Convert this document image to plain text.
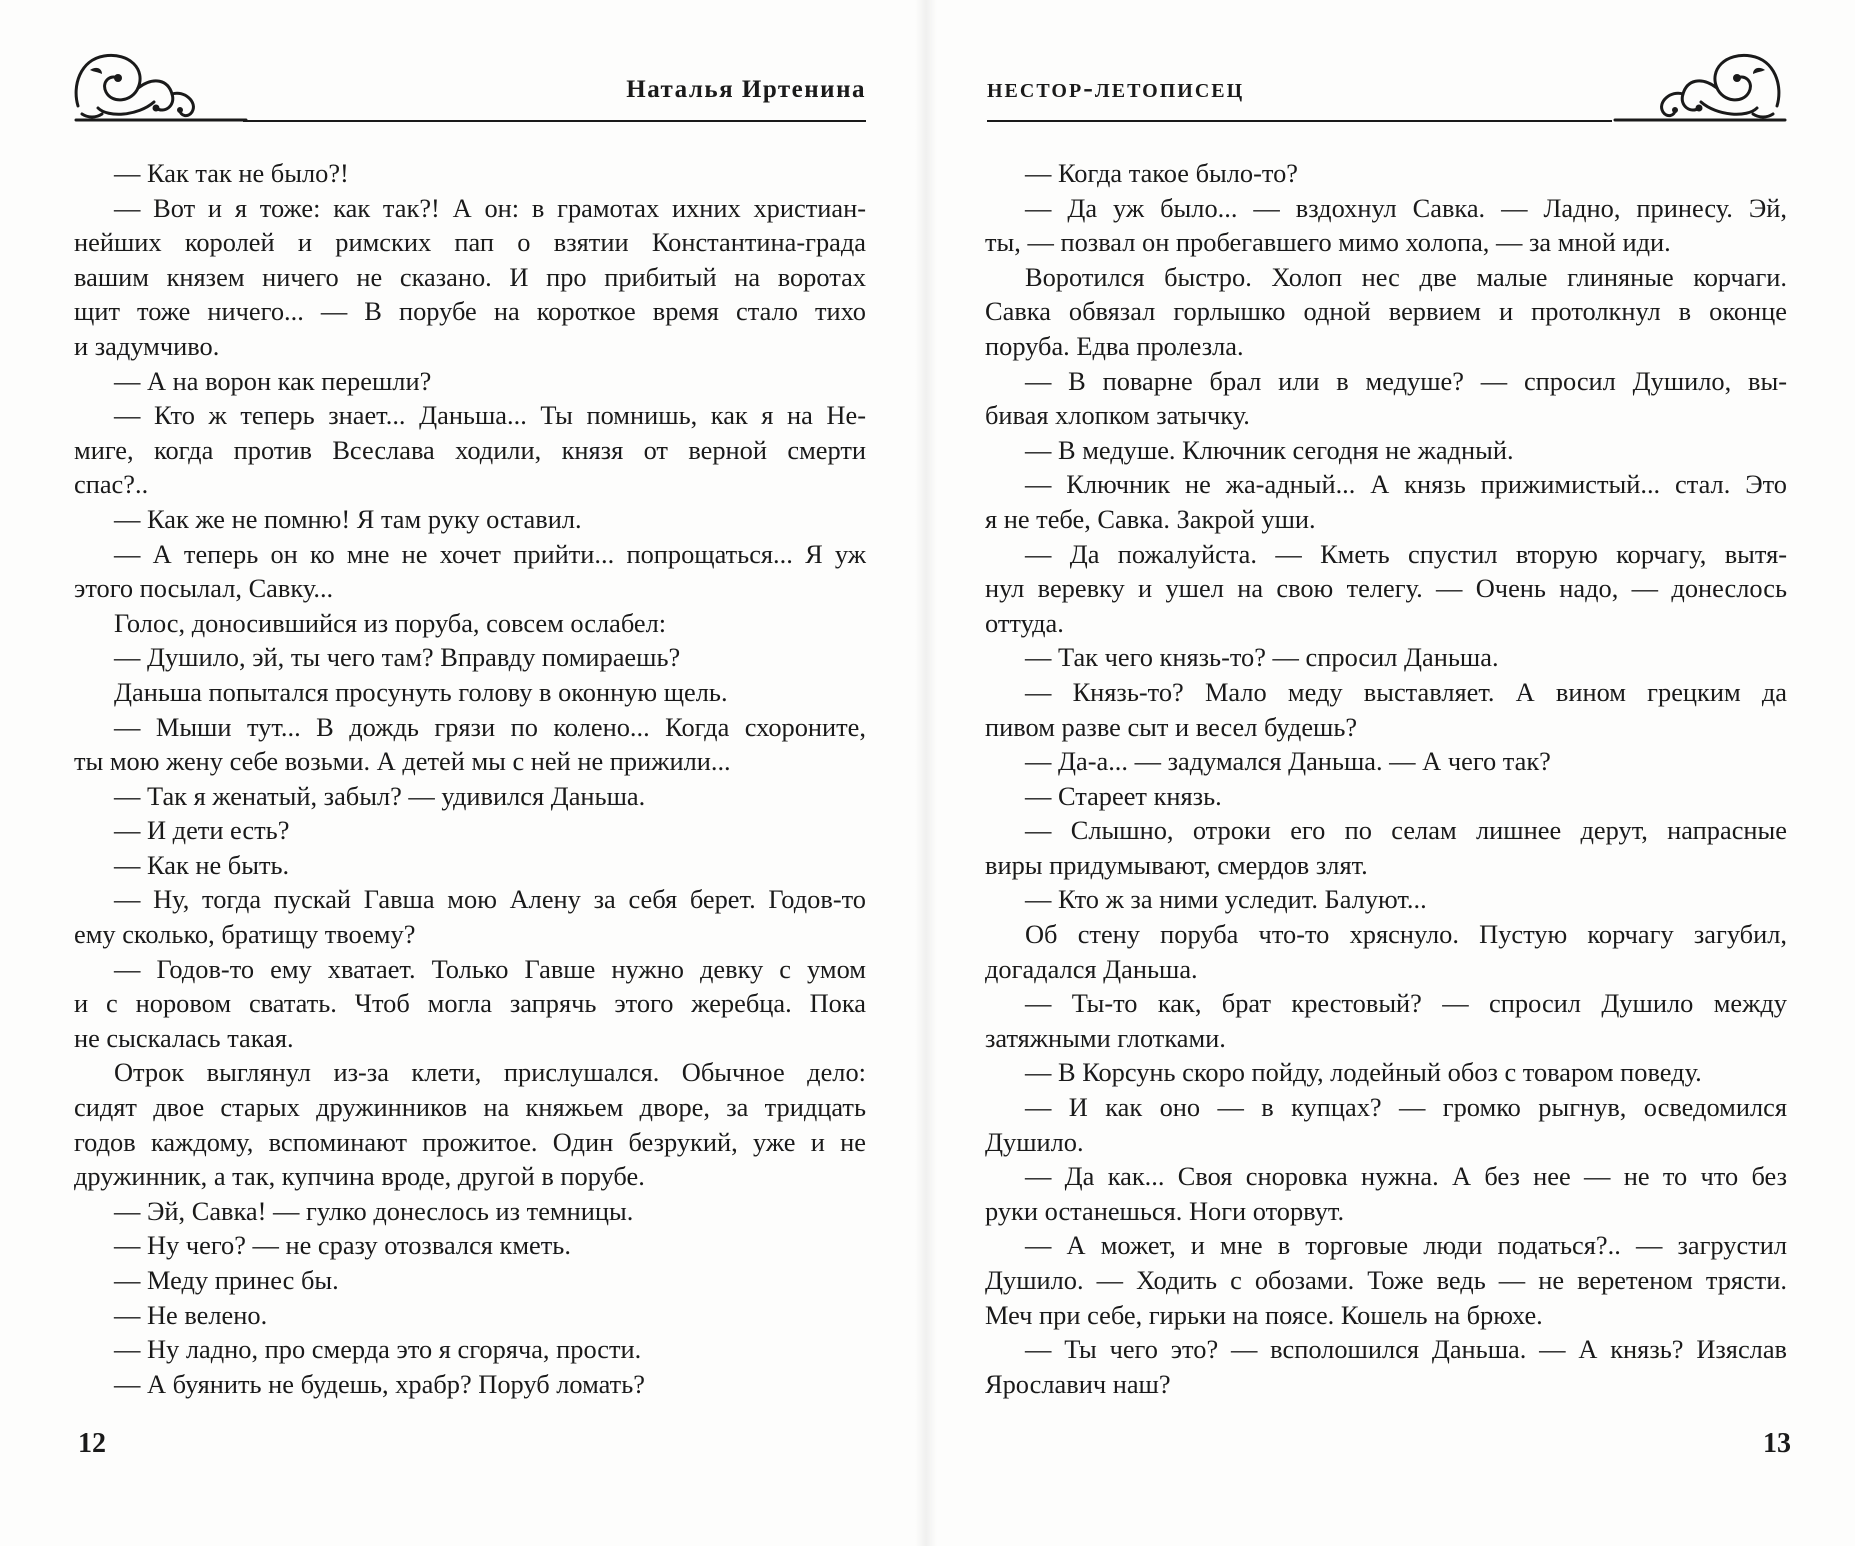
Наталья Иртенина
— Как так не было?!
— Вот и я тоже: как так?! А он: в грамотах ихних христиан-
нейших королей и римских пап о взятии Константина-града
вашим князем ничего не сказано. И про прибитый на воротах
щит тоже ничего... — В порубе на короткое время стало тихо
и задумчиво.
— А на ворон как перешли?
— Кто ж теперь знает... Даньша... Ты помнишь, как я на Не-
миге, когда против Всеслава ходили, князя от верной смерти
спас?..
— Как же не помню! Я там руку оставил.
— А теперь он ко мне не хочет прийти... попрощаться... Я уж
этого посылал, Савку...
Голос, доносившийся из поруба, совсем ослабел:
— Душило, эй, ты чего там? Вправду помираешь?
Даньша попытался просунуть голову в оконную щель.
— Мыши тут... В дождь грязи по колено... Когда схороните,
ты мою жену себе возьми. А детей мы с ней не прижили...
— Так я женатый, забыл? — удивился Даньша.
— И дети есть?
— Как не быть.
— Ну, тогда пускай Гавша мою Алену за себя берет. Годов-то
ему сколько, братищу твоему?
— Годов-то ему хватает. Только Гавше нужно девку с умом
и с норовом сватать. Чтоб могла запрячь этого жеребца. Пока
не сыскалась такая.
Отрок выглянул из-за клети, прислушался. Обычное дело:
сидят двое старых дружинников на княжьем дворе, за тридцать
годов каждому, вспоминают прожитое. Один безрукий, уже и не
дружинник, а так, купчина вроде, другой в порубе.
— Эй, Савка! — гулко донеслось из темницы.
— Ну чего? — не сразу отозвался кметь.
— Меду принес бы.
— Не велено.
— Ну ладно, про смерда это я сгоряча, прости.
— А буянить не будешь, храбр? Поруб ломать?
12
нестор-летописец
— Когда такое было-то?
— Да уж было... — вздохнул Савка. — Ладно, принесу. Эй,
ты, — позвал он пробегавшего мимо холопа, — за мной иди.
Воротился быстро. Холоп нес две малые глиняные корчаги.
Савка обвязал горлышко одной вервием и протолкнул в оконце
поруба. Едва пролезла.
— В поварне брал или в медуше? — спросил Душило, вы-
бивая хлопком затычку.
— В медуше. Ключник сегодня не жадный.
— Ключник не жа-адный... А князь прижимистый... стал. Это
я не тебе, Савка. Закрой уши.
— Да пожалуйста. — Кметь спустил вторую корчагу, вытя-
нул веревку и ушел на свою телегу. — Очень надо, — донеслось
оттуда.
— Так чего князь-то? — спросил Даньша.
— Князь-то? Мало меду выставляет. А вином грецким да
пивом разве сыт и весел будешь?
— Да-а... — задумался Даньша. — А чего так?
— Стареет князь.
— Слышно, отроки его по селам лишнее дерут, напрасные
виры придумывают, смердов злят.
— Кто ж за ними уследит. Балуют...
Об стену поруба что-то хряснуло. Пустую корчагу загубил,
догадался Даньша.
— Ты-то как, брат крестовый? — спросил Душило между
затяжными глотками.
— В Корсунь скоро пойду, лодейный обоз с товаром поведу.
— И как оно — в купцах? — громко рыгнув, осведомился
Душило.
— Да как... Своя сноровка нужна. А без нее — не то что без
руки останешься. Ноги оторвут.
— А может, и мне в торговые люди податься?.. — загрустил
Душило. — Ходить с обозами. Тоже ведь — не веретеном трясти.
Меч при себе, гирьки на поясе. Кошель на брюхе.
— Ты чего это? — всполошился Даньша. — А князь? Изяслав
Ярославич наш?
13
